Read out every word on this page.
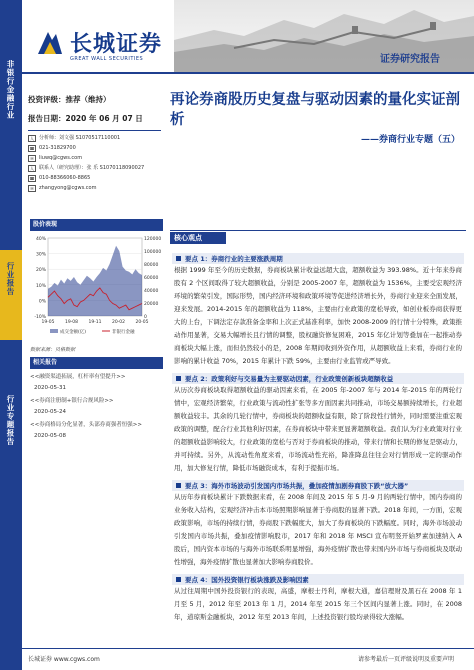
非银行金融行业
行业报告
行业专题报告
长城证券
GREAT WALL SECURITIES	证券研究报告
投资评级：推荐（维持）
报告日期：2020 年 06 月 07 日
人	分析师：刘文强 S1070517110001
☎ 021-31829700
✉	liuwq@cgws.com
人	联系人（研究助理）：张 乐 S1070118090027
☎ 010-88366060-8865
✉	zhangyong@cgws.com
股价表现
40%
30%
20%
10%
0%
-10%
120000
100000
80000
60000
40000
20000
0
19-05 19-08 19-11 20-02 20-05
成交金额(亿)	非银行金融
数据来源：贝格数据
相关报告
<<融资渠道拓展，杠杆率有望提升>>
2020-05-31
<<券商注册制+银行合规风险>>
2020-05-24
<<券商格局分化显著，头部券商强者恒强>>
2020-05-08
再论券商股历史复盘与驱动因素的量化实证剖析
——券商行业专题（五）
核心观点
要点 1：券商行业的主要涨跌周期
根据 1999 年至今的历史数据，券商板块累计收益远超大盘，超额收益为 393.98%。近十年来券商股有 2 个区间取得了较大超额收益，分别是 2005-2007 年，超额收益为 1536%，主要受宏观经济环境的繁荣引发，国际形势，国内经济环境和政策环境等促进经济增长外，券商行业迎来全面发展，迎来发展。2014-2015 年的超额收益为 118%，主要由行业政策的宽松导致，如创业板券商获得更大的上台，下调法定存款准备金率和上次正式基准利率，加快 2008-2009 的行情十分特殊，政策推动作用显著，交易大幅增长且行情的调整，股权融资修复困难，2015 年亿计划等叠加在一起推动券商板块大幅上涨，而但仍然较小的是，2008 年期间收到外资作用，从超额收益上来看，券商行业的影响的累计收益 70%，2015 年累计下跌 59%，主要由行业监管或严导致。
要点 2：政策利好与交易量为主要驱动因素，行业政策创新板块超额收益
从历次券商板块取得超额收益的驱动因素来看，在 2005 年-2007 年与 2014 年-2015 年的两轮行情中，宏观经济繁荣，行业政策与流动性扩张等多方面因素共同推动，市场交易额持续增长，行业超额收益较丰。其余的几轮行情中，券商板块的超额收益有限，除了阶段性行情外，同时需要注重宏观政策的调整，配合行业其他利好因素，在券商板块中带来更显著超额收益。我们认为行业政策对行业的超额收益影响较大，行业政策的宽松与否对于券商板块的推动，带来行情和长期的修复是驱动力，并可持续。另外，从流动性角度来看，市场流动性充裕，降准降息往往会对行情形成一定的驱动作用，加大修复行情，降低市场融资成本，有利于提振市场。
要点 3：海外市场波动引发国内市场共振，叠加疫情加剧券商股下跌“放大器”
从历年券商板块累计下跌数据来看，在 2008 年间及 2015 年 5 月-9 月的两轮行情中，国内券商的业务收入结构，宏观经济冲击本市场照期影响显著于券商股的显著下跌。2018 年间，一方面，宏观政策影响，市场的持续行情，券商股下跌幅度大，加大了券商板块的下跌幅度。同时，海外市场波动引发国内市场共振，叠加疫情影响股市，2017 年和 2018 年 MSCI 宣布明竖开始罗素加速纳入 A 股后，国内资本市场的与海外市场联系明显增强，海外疫情扩散也带来国内外市场与券商板块及联动性增强，海外疫情扩散也显著加大影响券商股价。
要点 4：国外投资银行板块涨跌及影响因素
从过往周期中国外投资银行的表现，高盛，摩根士丹利，摩根大通，嘉信理财及黑石在 2008 年 1 月至 5 月，2012 年至 2013 年 1 月，2014 年至 2015 年三个区间内显著上涨。同时，在 2008 年，道琼斯金融板块，2012 年至 2013 年间，上述投资银行股均录得较大涨幅。
长城证券 www.cgws.com	请参考最后一页评级说明及重要声明
